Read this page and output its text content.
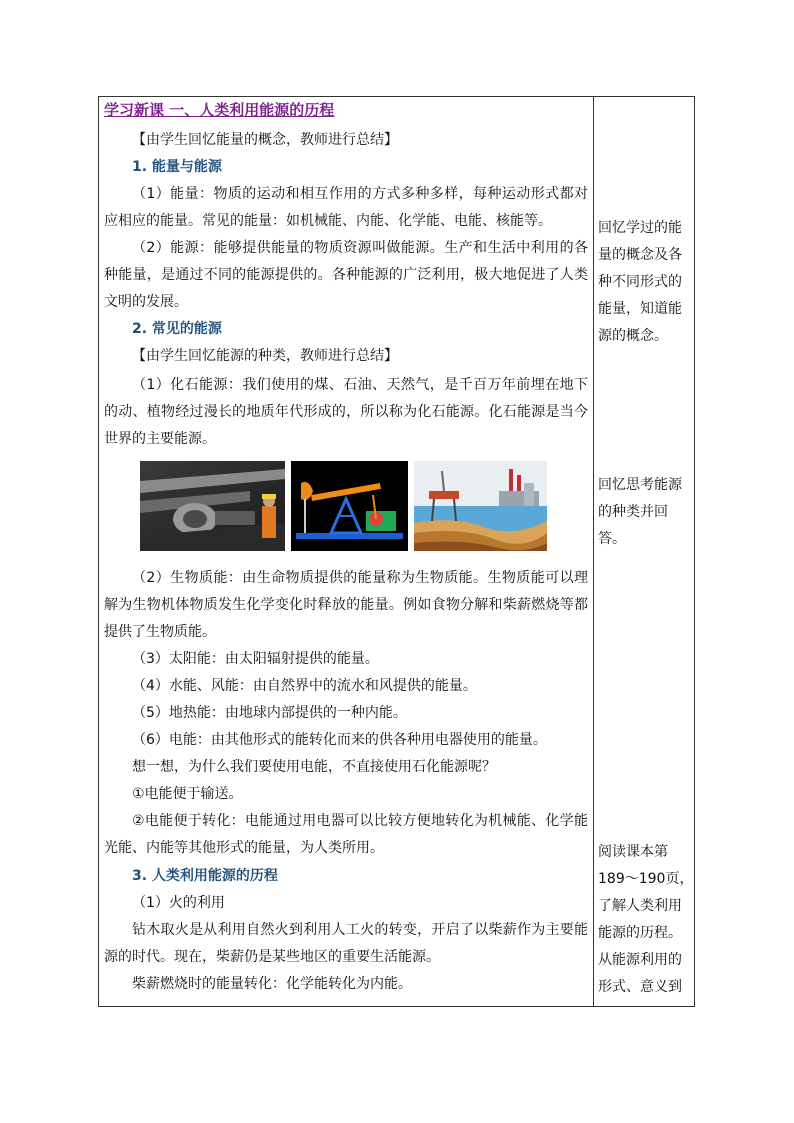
学习新课 一、人类利用能源的历程
【由学生回忆能量的概念，教师进行总结】
1. 能量与能源
（1）能量：物质的运动和相互作用的方式多种多样，每种运动形式都对应相应的能量。常见的能量：如机械能、内能、化学能、电能、核能等。
（2）能源：能够提供能量的物质资源叫做能源。生产和生活中利用的各种能量，是通过不同的能源提供的。各种能源的广泛利用，极大地促进了人类文明的发展。
2. 常见的能源
【由学生回忆能源的种类，教师进行总结】
（1）化石能源：我们使用的煤、石油、天然气，是千百万年前埋在地下的动、植物经过漫长的地质年代形成的，所以称为化石能源。化石能源是当今世界的主要能源。
（2）生物质能：由生命物质提供的能量称为生物质能。生物质能可以理解为生物机体物质发生化学变化时释放的能量。例如食物分解和柴薪燃烧等都提供了生物质能。
（3）太阳能：由太阳辐射提供的能量。
（4）水能、风能：由自然界中的流水和风提供的能量。
（5）地热能：由地球内部提供的一种内能。
（6）电能：由其他形式的能转化而来的供各种用电器使用的能量。
想一想，为什么我们要使用电能，不直接使用石化能源呢？
①电能便于输送。
②电能便于转化：电能通过用电器可以比较方便地转化为机械能、化学能光能、内能等其他形式的能量，为人类所用。
3. 人类利用能源的历程
（1）火的利用
钻木取火是从利用自然火到利用人工火的转变，开启了以柴薪作为主要能源的时代。现在，柴薪仍是某些地区的重要生活能源。
柴薪燃烧时的能量转化：化学能转化为内能。
回忆学过的能量的概念及各种不同形式的能量，知道能源的概念。
回忆思考能源的种类并回答。
阅读课本第189～190页，了解人类利用能源的历程。从能源利用的形式、意义到
